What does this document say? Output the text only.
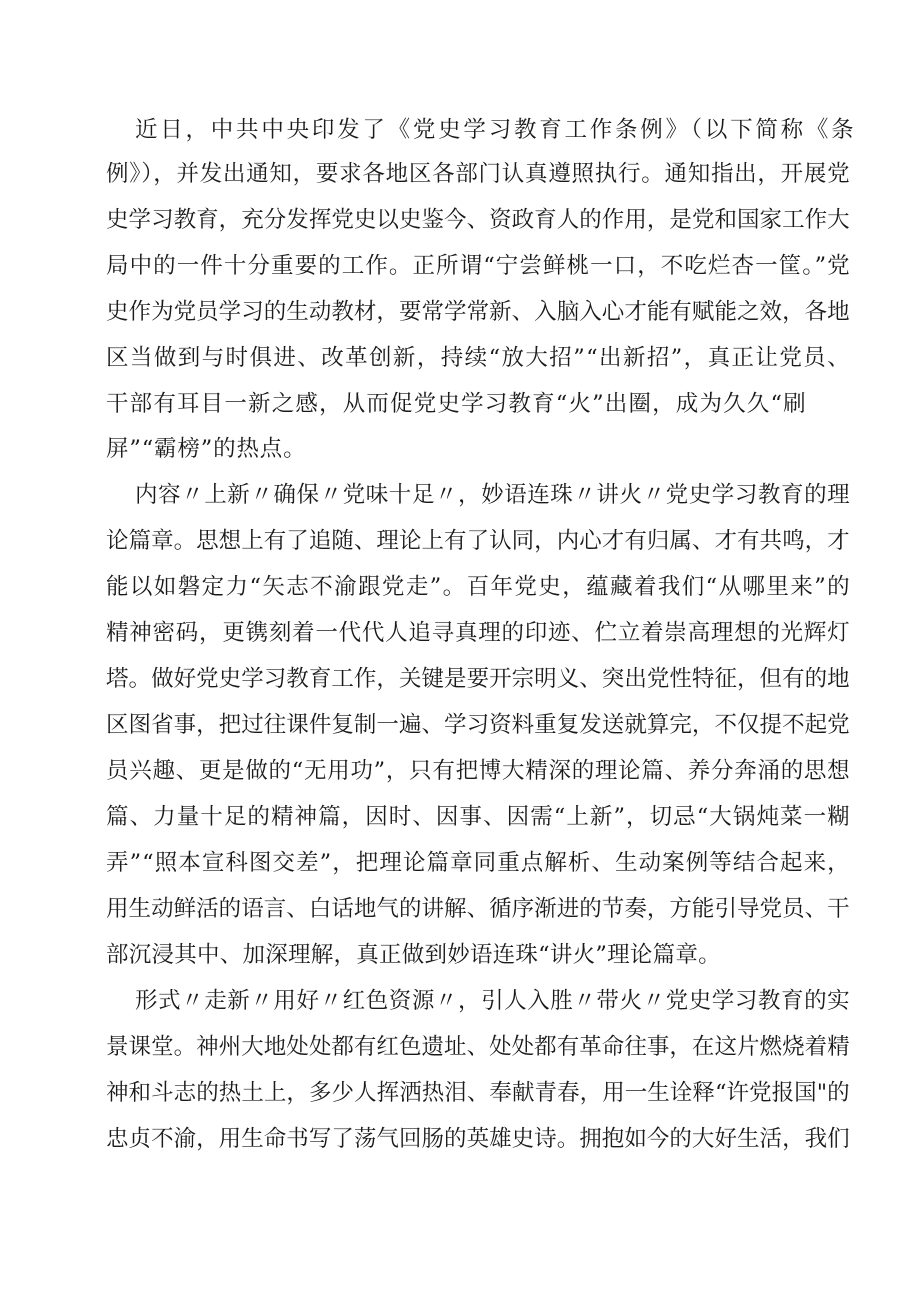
近日，中共中央印发了《党史学习教育工作条例》（以下简称《条
例》），并发出通知，要求各地区各部门认真遵照执行。通知指出，开展党
史学习教育，充分发挥党史以史鉴今、资政育人的作用，是党和国家工作大
局中的一件十分重要的工作。正所谓“宁尝鲜桃一口，不吃烂杏一筐。”党
史作为党员学习的生动教材，要常学常新、入脑入心才能有赋能之效，各地
区当做到与时俱进、改革创新，持续“放大招”“出新招”，真正让党员、
干部有耳目一新之感，从而促党史学习教育“火”出圈，成为久久“刷
屏”“霸榜”的热点。
内容〃上新〃确保〃党味十足〃，妙语连珠〃讲火〃党史学习教育的理
论篇章。思想上有了追随、理论上有了认同，内心才有归属、才有共鸣，才
能以如磐定力“矢志不渝跟党走”。百年党史，蕴藏着我们“从哪里来”的
精神密码，更镌刻着一代代人追寻真理的印迹、伫立着崇高理想的光辉灯
塔。做好党史学习教育工作，关键是要开宗明义、突出党性特征，但有的地
区图省事，把过往课件复制一遍、学习资料重复发送就算完，不仅提不起党
员兴趣、更是做的“无用功”，只有把博大精深的理论篇、养分奔涌的思想
篇、力量十足的精神篇，因时、因事、因需“上新”，切忌“大锅炖菜一糊
弄”“照本宣科图交差”，把理论篇章同重点解析、生动案例等结合起来，
用生动鲜活的语言、白话地气的讲解、循序渐进的节奏，方能引导党员、干
部沉浸其中、加深理解，真正做到妙语连珠“讲火”理论篇章。
形式〃走新〃用好〃红色资源〃，引人入胜〃带火〃党史学习教育的实
景课堂。神州大地处处都有红色遗址、处处都有革命往事，在这片燃烧着精
神和斗志的热土上，多少人挥洒热泪、奉献青春，用一生诠释“许党报国"的
忠贞不渝，用生命书写了荡气回肠的英雄史诗。拥抱如今的大好生活，我们
